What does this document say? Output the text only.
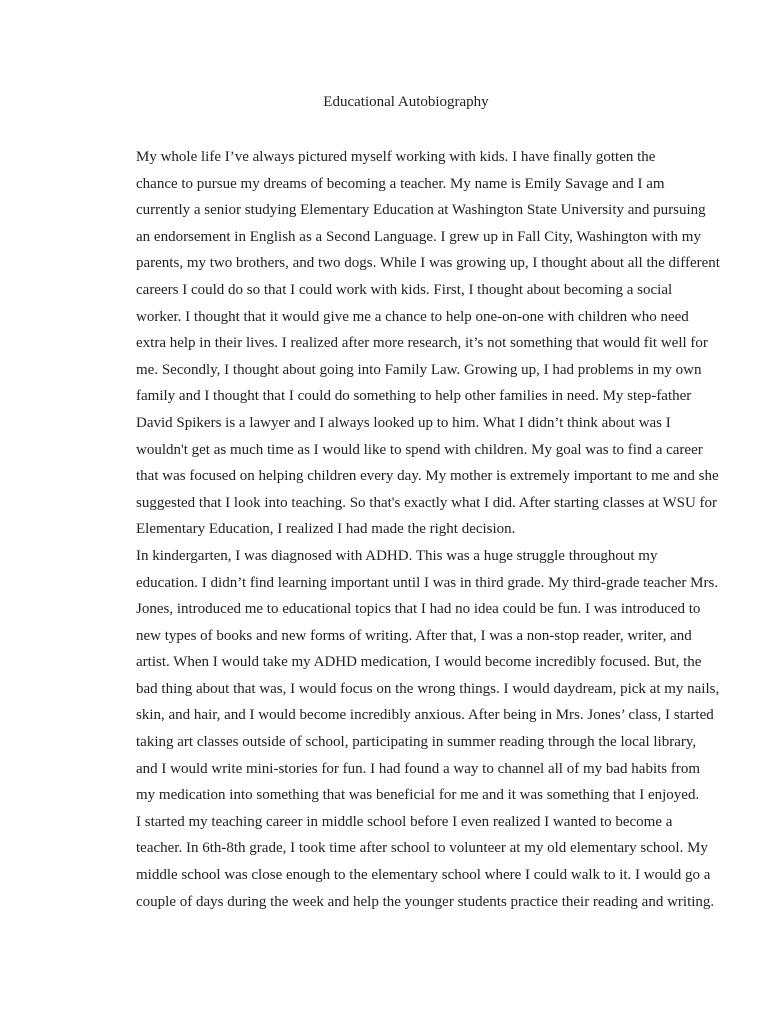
Educational Autobiography

My whole life I’ve always pictured myself working with kids. I have finally gotten the
chance to pursue my dreams of becoming a teacher. My name is Emily Savage and I am
currently a senior studying Elementary Education at Washington State University and pursuing
an endorsement in English as a Second Language. I grew up in Fall City, Washington with my
parents, my two brothers, and two dogs. While I was growing up, I thought about all the different
careers I could do so that I could work with kids. First, I thought about becoming a social
worker. I thought that it would give me a chance to help one-on-one with children who need
extra help in their lives. I realized after more research, it’s not something that would fit well for
me. Secondly, I thought about going into Family Law. Growing up, I had problems in my own
family and I thought that I could do something to help other families in need. My step-father
David Spikers is a lawyer and I always looked up to him. What I didn’t think about was I
wouldn't get as much time as I would like to spend with children. My goal was to find a career
that was focused on helping children every day. My mother is extremely important to me and she
suggested that I look into teaching. So that's exactly what I did. After starting classes at WSU for
Elementary Education, I realized I had made the right decision.

In kindergarten, I was diagnosed with ADHD. This was a huge struggle throughout my
education. I didn’t find learning important until I was in third grade. My third-grade teacher Mrs.
Jones, introduced me to educational topics that I had no idea could be fun. I was introduced to
new types of books and new forms of writing. After that, I was a non-stop reader, writer, and
artist. When I would take my ADHD medication, I would become incredibly focused. But, the
bad thing about that was, I would focus on the wrong things. I would daydream, pick at my nails,
skin, and hair, and I would become incredibly anxious. After being in Mrs. Jones’ class, I started
taking art classes outside of school, participating in summer reading through the local library,
and I would write mini-stories for fun. I had found a way to channel all of my bad habits from
my medication into something that was beneficial for me and it was something that I enjoyed.

I started my teaching career in middle school before I even realized I wanted to become a
teacher. In 6th-8th grade, I took time after school to volunteer at my old elementary school. My
middle school was close enough to the elementary school where I could walk to it. I would go a
couple of days during the week and help the younger students practice their reading and writing.
